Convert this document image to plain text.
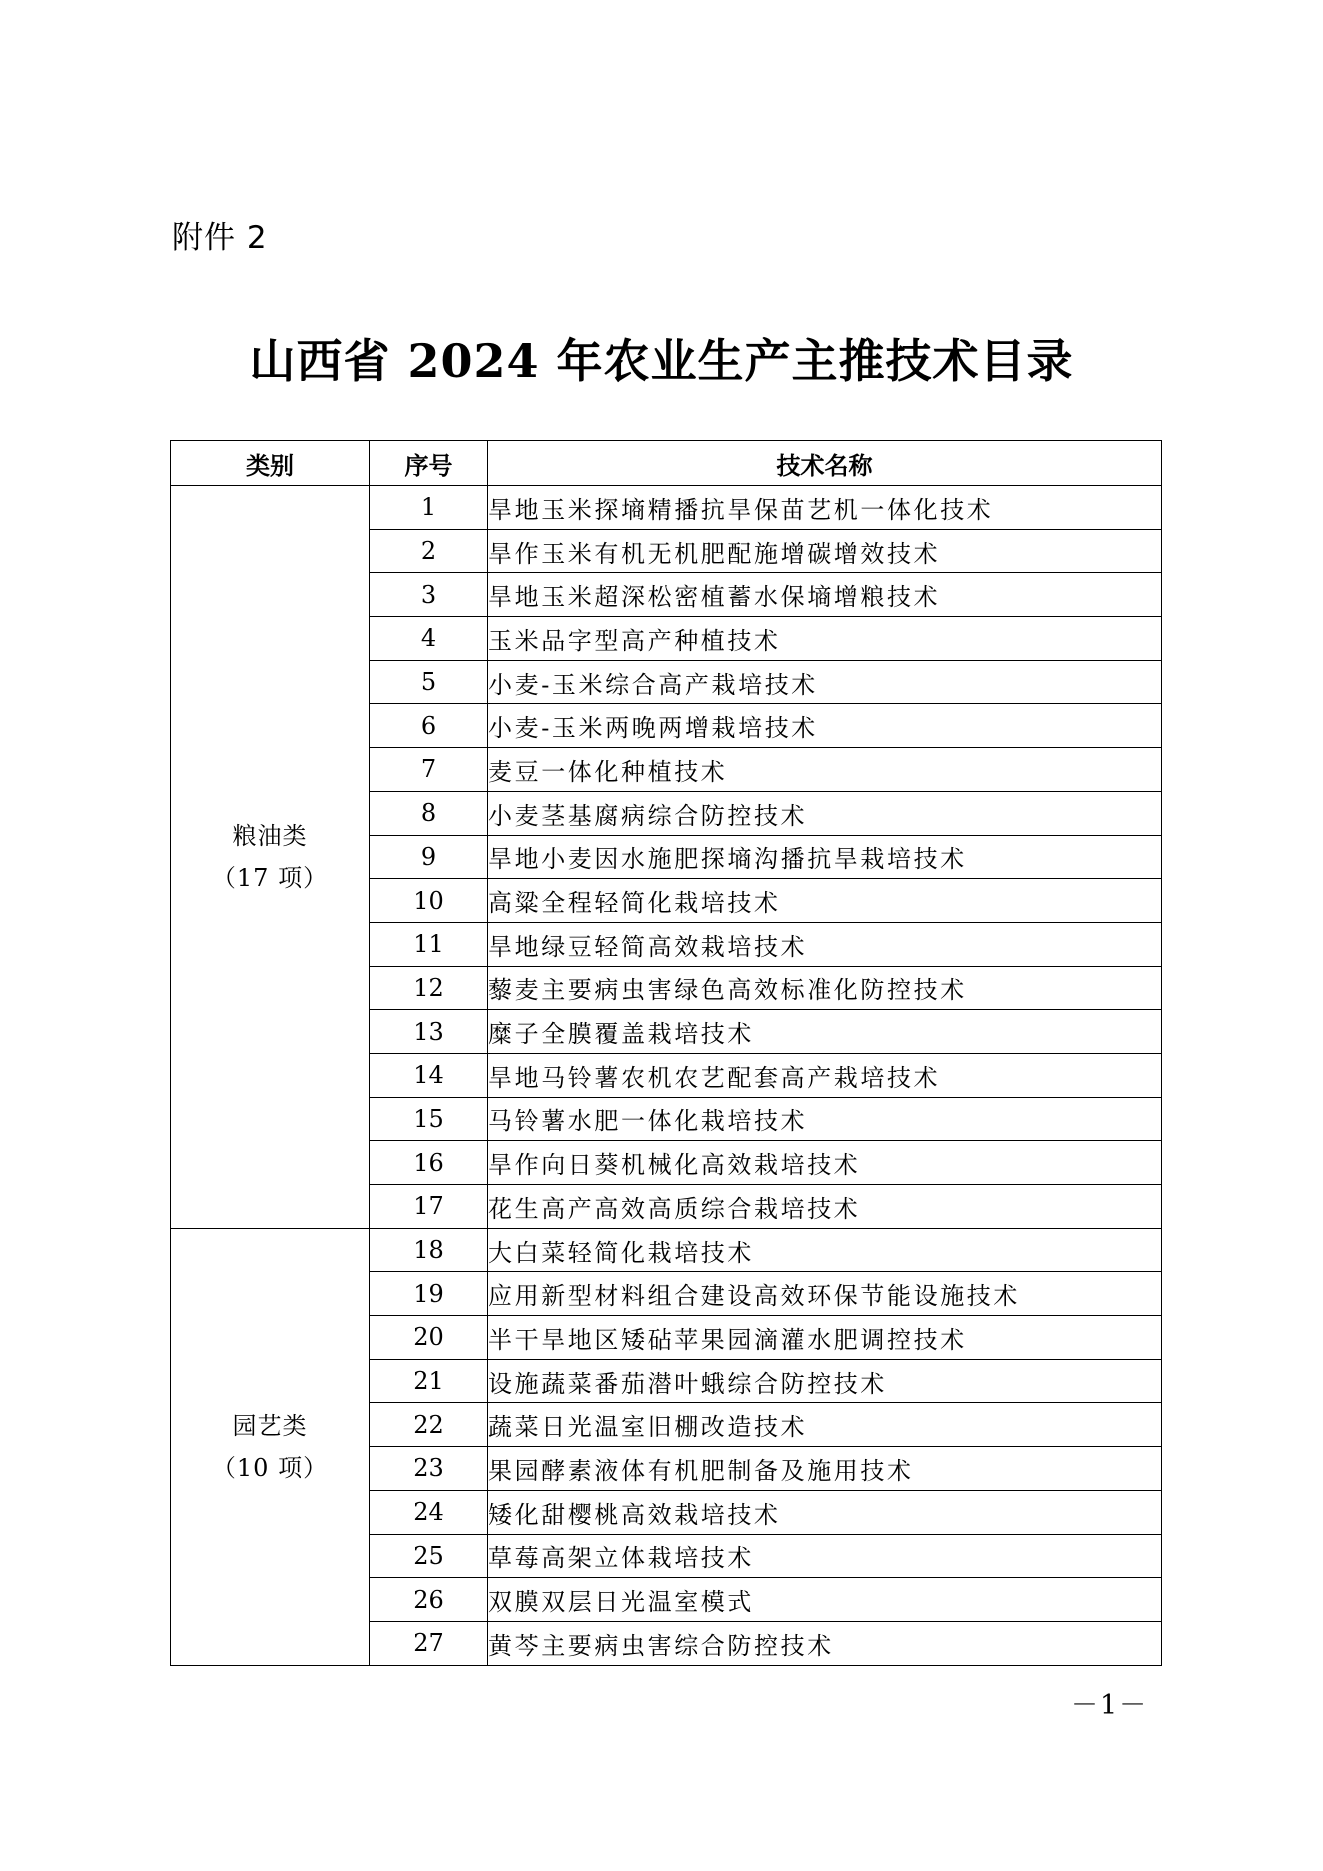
附件 2
山西省 2024 年农业生产主推技术目录
类别	序号	技术名称

粮油类
（17 项）	1	旱地玉米探墒精播抗旱保苗艺机一体化技术
	2	旱作玉米有机无机肥配施增碳增效技术
	3	旱地玉米超深松密植蓄水保墒增粮技术
	4	玉米品字型高产种植技术
	5	小麦-玉米综合高产栽培技术
	6	小麦-玉米两晚两增栽培技术
	7	麦豆一体化种植技术
	8	小麦茎基腐病综合防控技术
	9	旱地小麦因水施肥探墒沟播抗旱栽培技术
	10	高粱全程轻简化栽培技术
	11	旱地绿豆轻简高效栽培技术
	12	藜麦主要病虫害绿色高效标准化防控技术
	13	糜子全膜覆盖栽培技术
	14	旱地马铃薯农机农艺配套高产栽培技术
	15	马铃薯水肥一体化栽培技术
	16	旱作向日葵机械化高效栽培技术
	17	花生高产高效高质综合栽培技术

园艺类
（10 项）	18	大白菜轻简化栽培技术
	19	应用新型材料组合建设高效环保节能设施技术
	20	半干旱地区矮砧苹果园滴灌水肥调控技术
	21	设施蔬菜番茄潜叶蛾综合防控技术
	22	蔬菜日光温室旧棚改造技术
	23	果园酵素液体有机肥制备及施用技术
	24	矮化甜樱桃高效栽培技术
	25	草莓高架立体栽培技术
	26	双膜双层日光温室模式
	27	黄芩主要病虫害综合防控技术
－1－
